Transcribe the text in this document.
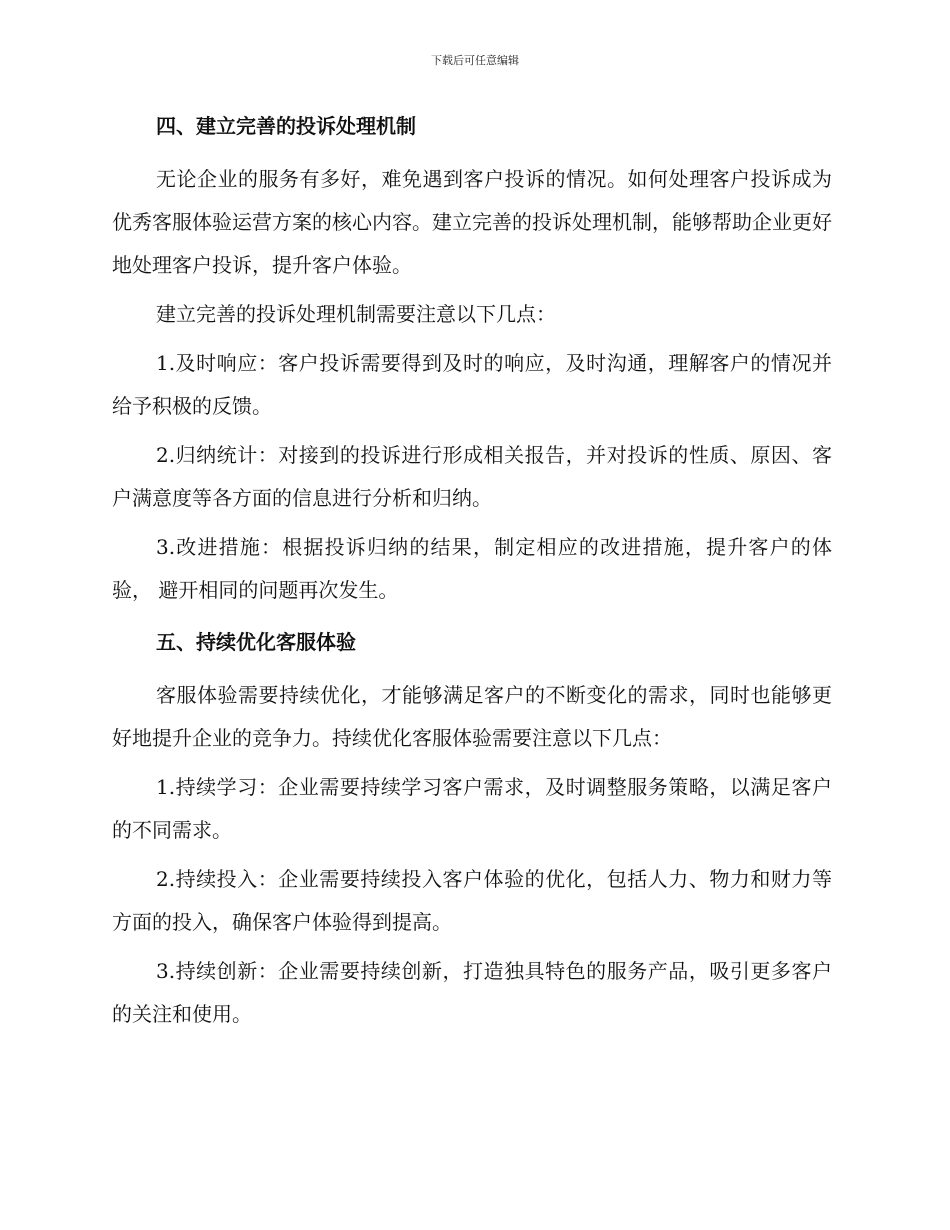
下载后可任意编辑
四、建立完善的投诉处理机制

无论企业的服务有多好，难免遇到客户投诉的情况。如何处理客户投诉成为优秀客服体验运营方案的核心内容。建立完善的投诉处理机制，能够帮助企业更好地处理客户投诉，提升客户体验。

建立完善的投诉处理机制需要注意以下几点：

1.及时响应：客户投诉需要得到及时的响应，及时沟通，理解客户的情况并给予积极的反馈。

2.归纳统计：对接到的投诉进行形成相关报告，并对投诉的性质、原因、客户满意度等各方面的信息进行分析和归纳。

3.改进措施：根据投诉归纳的结果，制定相应的改进措施，提升客户的体验， 避开相同的问题再次发生。

五、持续优化客服体验

客服体验需要持续优化，才能够满足客户的不断变化的需求，同时也能够更好地提升企业的竞争力。持续优化客服体验需要注意以下几点：

1.持续学习：企业需要持续学习客户需求，及时调整服务策略，以满足客户的不同需求。

2.持续投入：企业需要持续投入客户体验的优化，包括人力、物力和财力等方面的投入，确保客户体验得到提高。

3.持续创新：企业需要持续创新，打造独具特色的服务产品，吸引更多客户的关注和使用。
